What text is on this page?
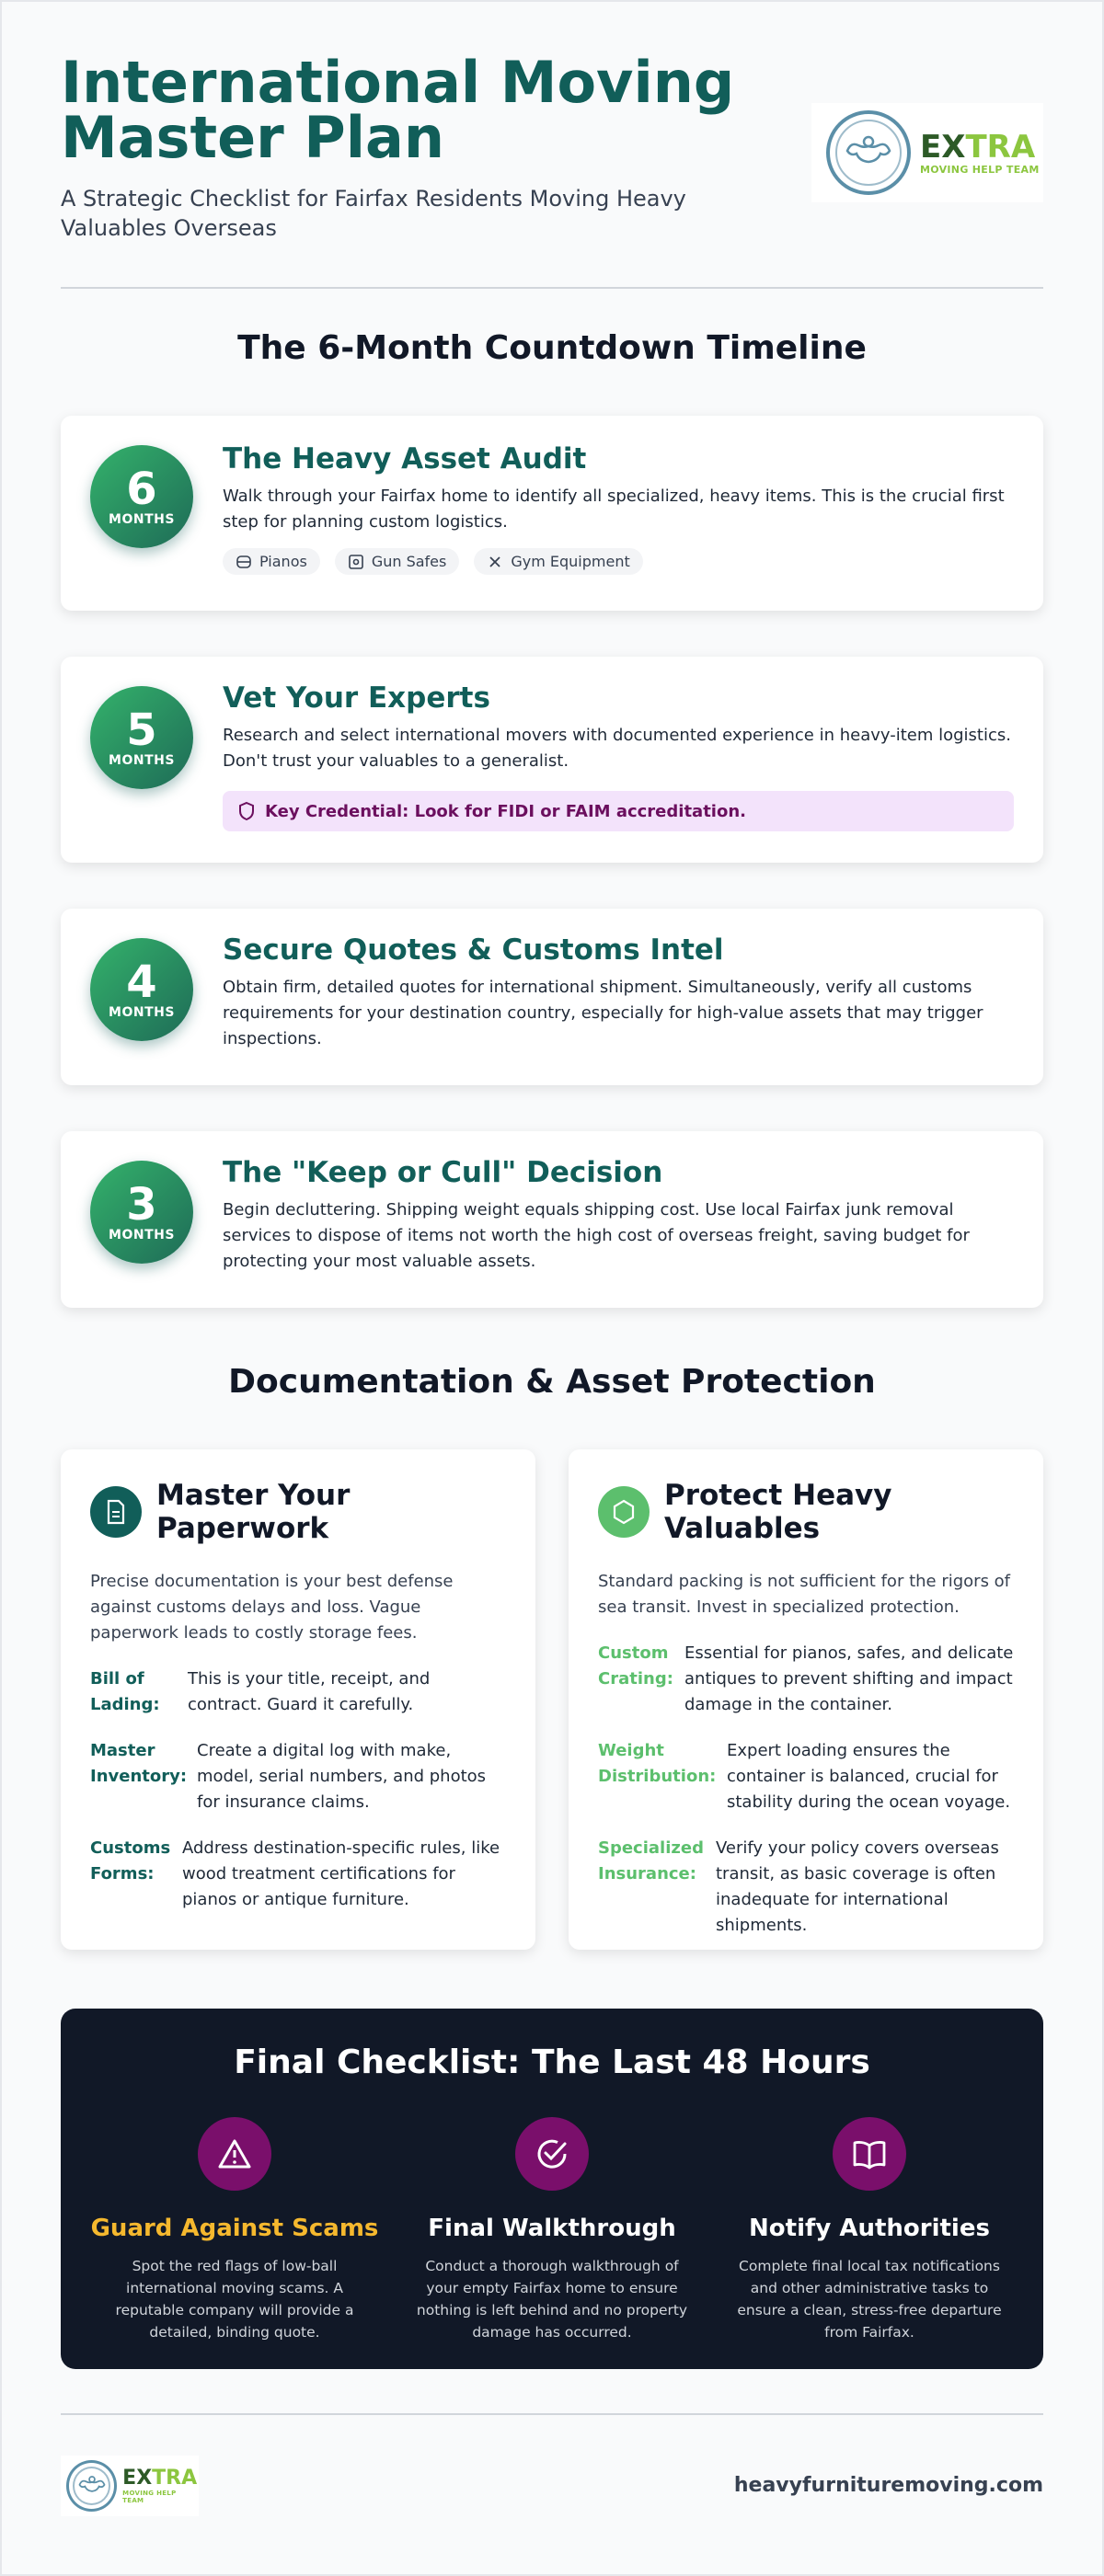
International Moving Master Plan

A Strategic Checklist for Fairfax Residents Moving Heavy Valuables Overseas

EXTRA
MOVING HELP TEAM
The 6-Month Countdown Timeline
6
MONTHS
The Heavy Asset Audit

Walk through your Fairfax home to identify all specialized, heavy items. This is the crucial first step for planning custom logistics.

Pianos	Gun Safes	Gym Equipment
5
MONTHS
Vet Your Experts

Research and select international movers with documented experience in heavy-item logistics. Don't trust your valuables to a generalist.

Key Credential: Look for FIDI or FAIM accreditation.
4
MONTHS
Secure Quotes & Customs Intel

Obtain firm, detailed quotes for international shipment. Simultaneously, verify all customs requirements for your destination country, especially for high-value assets that may trigger inspections.

3
MONTHS
The "Keep or Cull" Decision

Begin decluttering. Shipping weight equals shipping cost. Use local Fairfax junk removal services to dispose of items not worth the high cost of overseas freight, saving budget for protecting your most valuable assets.

Documentation & Asset Protection
Master Your Paperwork

Precise documentation is your best defense against customs delays and loss. Vague paperwork leads to costly storage fees.

Bill of Lading:
This is your title, receipt, and contract. Guard it carefully.
Master Inventory:
Create a digital log with make, model, serial numbers, and photos for insurance claims.
Customs Forms:
Address destination-specific rules, like wood treatment certifications for pianos or antique furniture.
Protect Heavy Valuables

Standard packing is not sufficient for the rigors of sea transit. Invest in specialized protection.

Custom Crating:
Essential for pianos, safes, and delicate antiques to prevent shifting and impact damage in the container.
Weight Distribution:
Expert loading ensures the container is balanced, crucial for stability during the ocean voyage.
Specialized Insurance:
Verify your policy covers overseas transit, as basic coverage is often inadequate for international shipments.
Final Checklist: The Last 48 Hours
Guard Against Scams

Spot the red flags of low-ball international moving scams. A reputable company will provide a detailed, binding quote.

Final Walkthrough

Conduct a thorough walkthrough of your empty Fairfax home to ensure nothing is left behind and no property damage has occurred.

Notify Authorities

Complete final local tax notifications and other administrative tasks to ensure a clean, stress-free departure from Fairfax.

EXTRA
MOVING HELP TEAM
heavyfurnituremoving.com
